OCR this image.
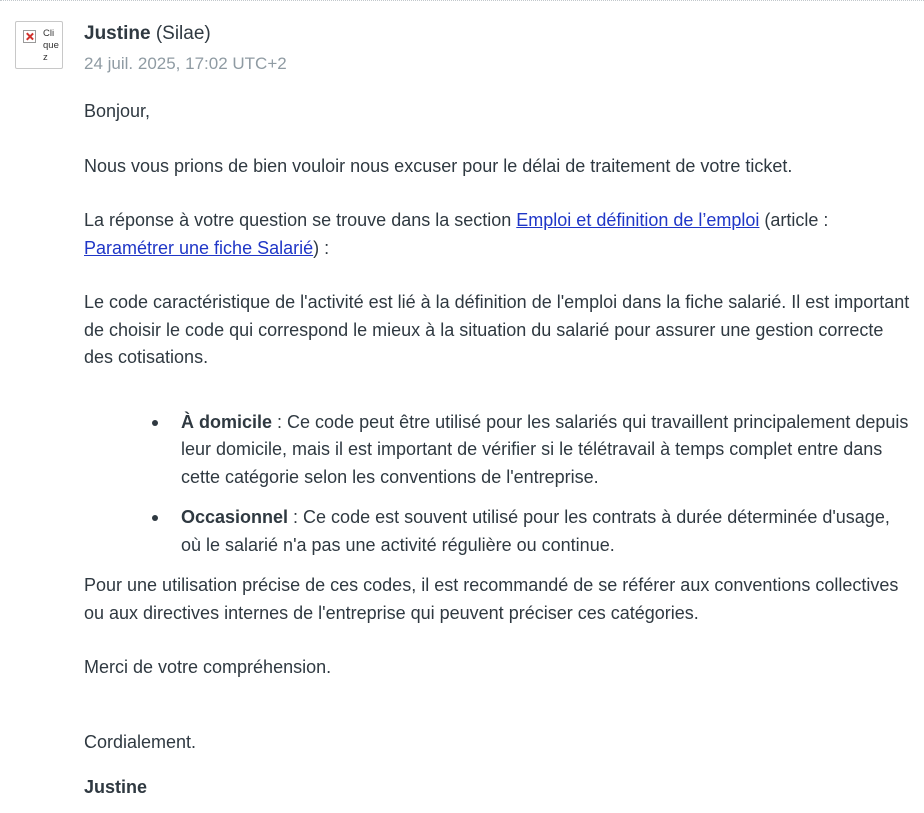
Cliquez
Justine (Silae)
24 juil. 2025, 17:02 UTC+2

Bonjour,

Nous vous prions de bien vouloir nous excuser pour le délai de traitement de votre ticket.

La réponse à votre question se trouve dans la section Emploi et définition de l’emploi (article : Paramétrer une fiche Salarié) :

Le code caractéristique de l'activité est lié à la définition de l'emploi dans la fiche salarié. Il est important de choisir le code qui correspond le mieux à la situation du salarié pour assurer une gestion correcte des cotisations.

À domicile : Ce code peut être utilisé pour les salariés qui travaillent principalement depuis leur domicile, mais il est important de vérifier si le télétravail à temps complet entre dans cette catégorie selon les conventions de l'entreprise.
Occasionnel : Ce code est souvent utilisé pour les contrats à durée déterminée d'usage, où le salarié n'a pas une activité régulière ou continue.

Pour une utilisation précise de ces codes, il est recommandé de se référer aux conventions collectives ou aux directives internes de l'entreprise qui peuvent préciser ces catégories.

Merci de votre compréhension.

Cordialement.

Justine
